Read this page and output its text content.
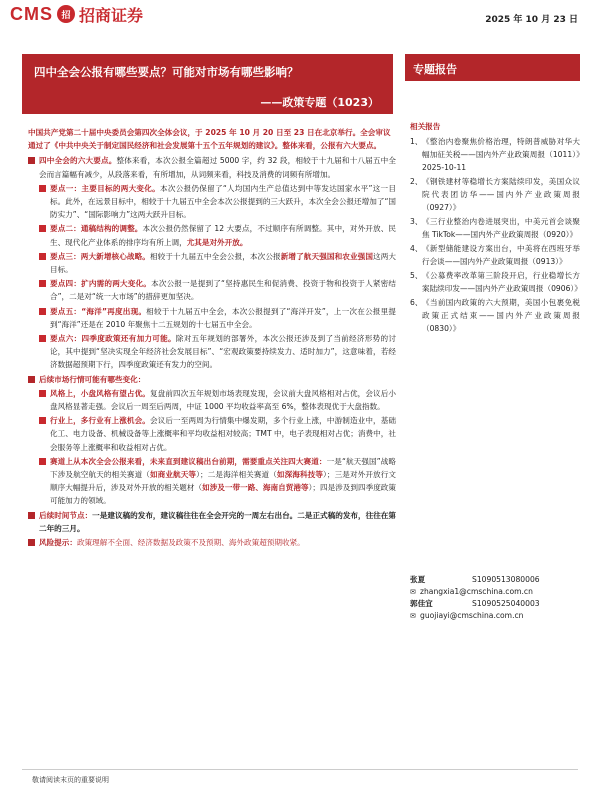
CMS 招 招商证券	2025 年 10 月 23 日
四中全会公报有哪些要点？可能对市场有哪些影响？
——政策专题（1023）
专题报告
中国共产党第二十届中央委员会第四次全体会议，于 2025 年 10 月 20 日至 23 日在北京举行。全会审议通过了《中共中央关于制定国民经济和社会发展第十五个五年规划的建议》。整体来看，公报有六大要点。
四中全会的六大要点。整体来看，本次公报全篇超过 5000 字，约 32 段，相较于十九届和十八届五中全会而言篇幅有减少，从段落来看，有所增加，从词频来看，科技及消费的词频有所增加。
要点一：主要目标的两大变化。本次公报仍保留了“人均国内生产总值达到中等发达国家水平”这一目标。此外，在远景目标中，相较于十九届五中全会本次公报提到的三大跃升，本次全会公报还增加了“国防实力”、“国际影响力”这两大跃升目标。
要点二：通稿结构的调整。本次公报仍然保留了 12 大要点，不过顺序有所调整。其中，对外开放、民生、现代化产业体系的排序均有所上调，尤其是对外开放。
要点三：两大新增核心战略。相较于十九届五中全会公报，本次公报新增了航天强国和农业强国这两大目标。
要点四：扩内需的两大变化。本次公报一是提到了“坚持惠民生和促消费、投资于物和投资于人紧密结合”，二是对“统一大市场”的措辞更加坚决。
要点五：“海洋”再度出现。相较于十九届五中全会，本次公报提到了“海洋开发”，上一次在公报里提到“海洋”还是在 2010 年聚焦十二五规划的十七届五中全会。
要点六：四季度政策还有加力可能。除对五年规划的部署外，本次公报还涉及到了当前经济形势的讨论，其中提到“坚决实现全年经济社会发展目标”、“宏观政策要持续发力、适时加力”，这意味着，若经济数据超预期下行，四季度政策还有发力的空间。
后续市场行情可能有哪些变化：
风格上，小盘风格有望占优。复盘前四次五年规划市场表现发现，会议前大盘风格相对占优，会议后小盘风格显著走强。会议后一周至后两周，中证 1000 平均收益率高至 6%，整体表现优于大盘指数。
行业上，多行业有上涨机会。会议后一至两周为行情集中爆发期，多个行业上涨，中游制造业中，基础化工、电力设备、机械设备等上涨概率和平均收益相对较高；TMT 中，电子表现相对占优；消费中，社会服务等上涨概率和收益相对占优。
赛道上从本次全会公报来看，未来直到建议稿出台前期，需要重点关注四大赛道：一是“航天强国”战略下涉及航空航天的相关赛道（如商业航天等）；二是海洋相关赛道（如深海科技等）；三是对外开放行文顺序大幅提升后，涉及对外开放的相关题材（如涉及一带一路、海南自贸港等）；四是涉及到四季度政策可能加力的领域。
后续时间节点：一是建议稿的发布，建议稿往往在全会开完的一周左右出台。二是正式稿的发布，往往在第二年的三月。
风险提示：政策理解不全面、经济数据及政策不及预期、海外政策超预期收紧。
相关报告
1、 《整治内卷聚焦价格治理，特朗普威胁对华大幅加征关税——国内外产业政策周报（1011）》2025-10-11
2、 《钢铁建材等稳增长方案陆续印发，美国众议院代表团访华——国内外产业政策周报（0927）》
3、 《三行业整治内卷进展突出，中美元首会谈聚焦 TikTok——国内外产业政策周报（0920）》
4、 《新型储能建设方案出台，中美将在西班牙举行会谈——国内外产业政策周报（0913）》
5、 《公募费率改革第三阶段开启，行业稳增长方案陆续印发——国内外产业政策周报（0906）》
6、 《当前国内政策的六大预期，美国小包裹免税政策正式结束——国内外产业政策周报（0830）》
张夏	S1090513080006
✉ zhangxia1@cmschina.com.cn
郭佳宜	S1090525040003
✉ guojiayi@cmschina.com.cn
敬请阅读末页的重要说明
